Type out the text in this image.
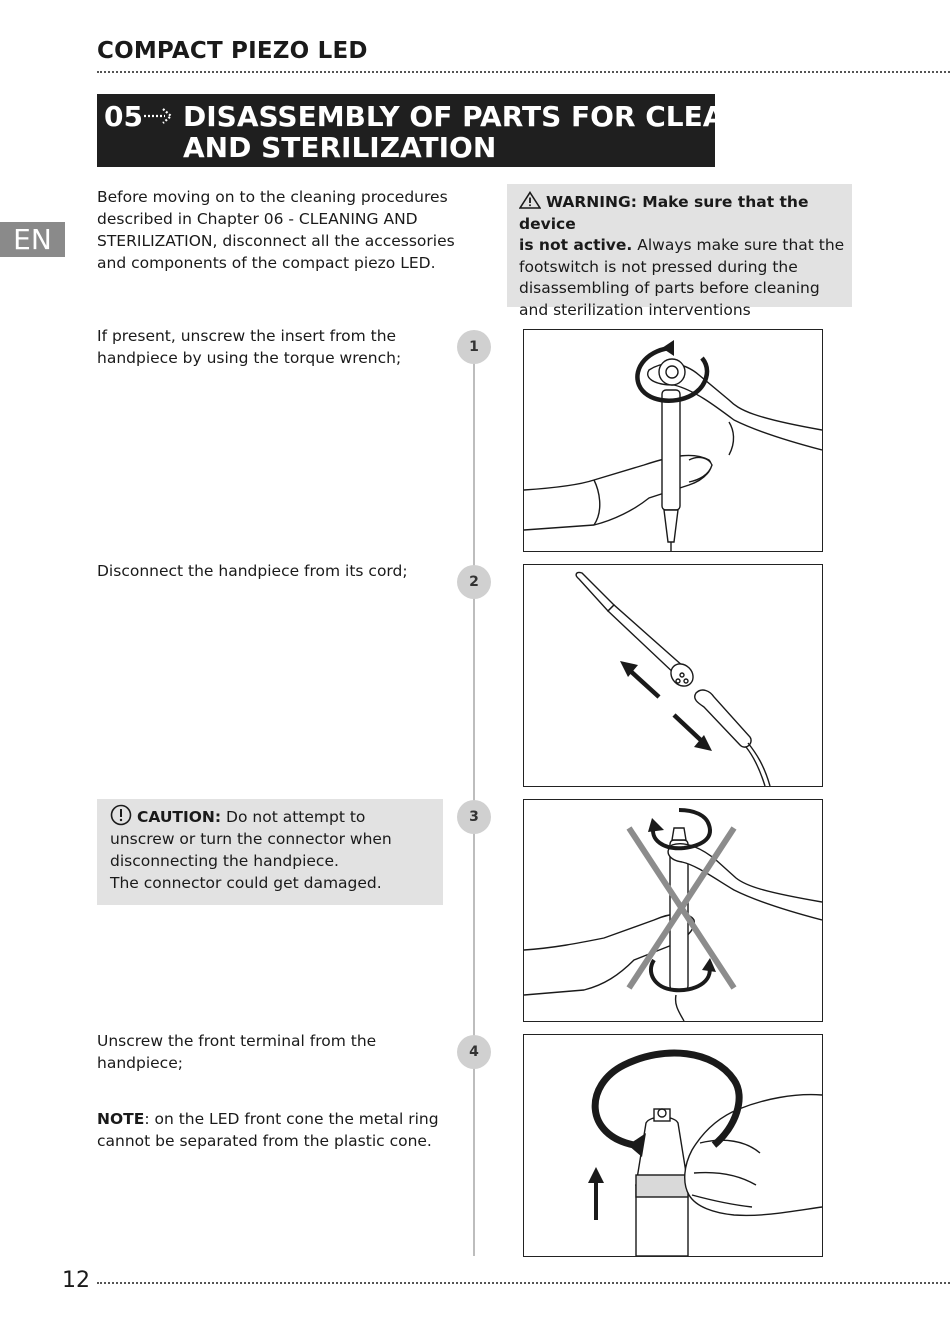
COMPACT PIEZO LED
05 DISASSEMBLY OF PARTS FOR CLEANING
AND STERILIZATION
EN
Before moving on to the cleaning procedures
described in Chapter 06 - CLEANING AND
STERILIZATION, disconnect all the accessories
and components of the compact piezo LED.
WARNING: Make sure that the device
is not active. Always make sure that the
footswitch is not pressed during the
disassembling of parts before cleaning
and sterilization interventions
1
2
3
4
If present, unscrew the insert from the
handpiece by using the torque wrench;
Disconnect the handpiece from its cord;
CAUTION: Do not attempt to
unscrew or turn the connector when
disconnecting the handpiece.
The connector could get damaged.
Unscrew the front terminal from the
handpiece;
NOTE: on the LED front cone the metal ring
cannot be separated from the plastic cone.
12
